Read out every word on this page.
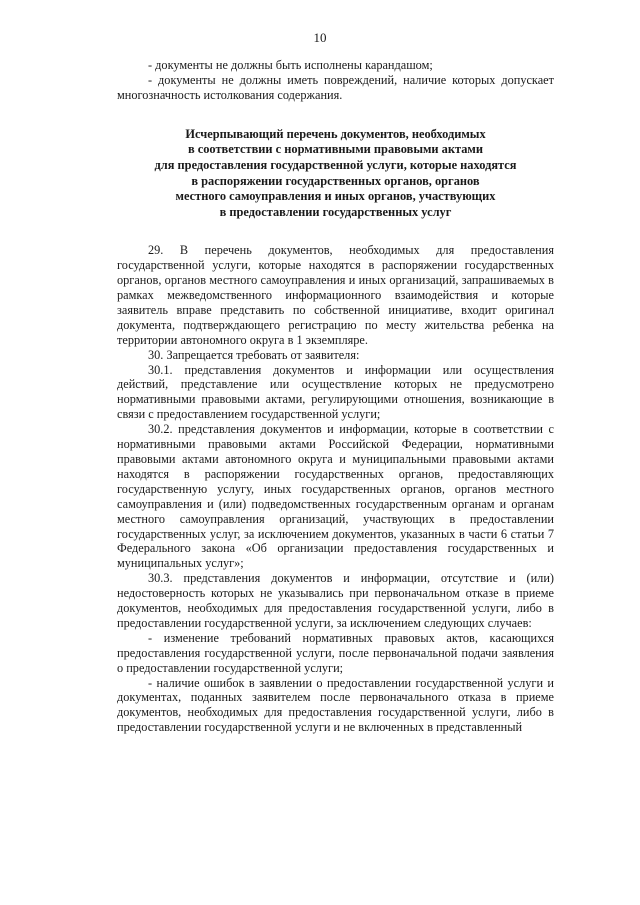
10

- документы не должны быть исполнены карандашом;

- документы не должны иметь повреждений, наличие которых допускает многозначность истолкования содержания.

Исчерпывающий перечень документов, необходимых
в соответствии с нормативными правовыми актами
для предоставления государственной услуги, которые находятся
в распоряжении государственных органов, органов
местного самоуправления и иных органов, участвующих
в предоставлении государственных услуг

29. В перечень документов, необходимых для предоставления государственной услуги, которые находятся в распоряжении государственных органов, органов местного самоуправления и иных организаций, запрашиваемых в рамках межведомственного информационного взаимодействия и которые заявитель вправе представить по собственной инициативе, входит оригинал документа, подтверждающего регистрацию по месту жительства ребенка на территории автономного округа в 1 экземпляре.

30. Запрещается требовать от заявителя:

30.1. представления документов и информации или осуществления действий, представление или осуществление которых не предусмотрено нормативными правовыми актами, регулирующими отношения, возникающие в связи с предоставлением государственной услуги;

30.2. представления документов и информации, которые в соответствии с нормативными правовыми актами Российской Федерации, нормативными правовыми актами автономного округа и муниципальными правовыми актами находятся в распоряжении государственных органов, предоставляющих государственную услугу, иных государственных органов, органов местного самоуправления и (или) подведомственных государственным органам и органам местного самоуправления организаций, участвующих в предоставлении государственных услуг, за исключением документов, указанных в части 6 статьи 7 Федерального закона «Об организации предоставления государственных и муниципальных услуг»;

30.3. представления документов и информации, отсутствие и (или) недостоверность которых не указывались при первоначальном отказе в приеме документов, необходимых для предоставления государственной услуги, либо в предоставлении государственной услуги, за исключением следующих случаев:

- изменение требований нормативных правовых актов, касающихся предоставления государственной услуги, после первоначальной подачи заявления о предоставлении государственной услуги;

- наличие ошибок в заявлении о предоставлении государственной услуги и документах, поданных заявителем после первоначального отказа в приеме документов, необходимых для предоставления государственной услуги, либо в предоставлении государственной услуги и не включенных в представленный
